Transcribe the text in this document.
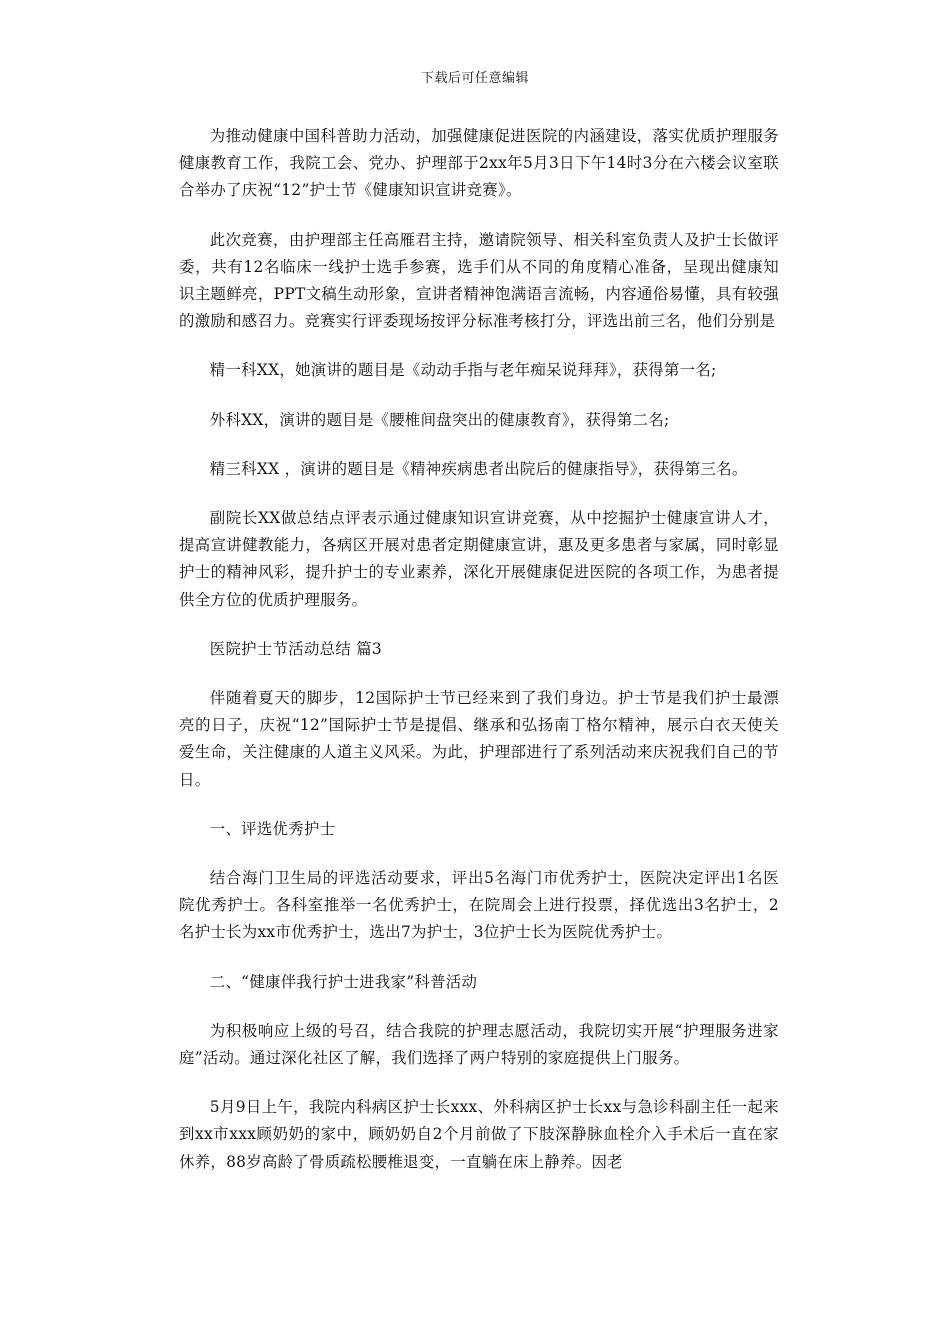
下载后可任意编辑

为推动健康中国科普助力活动，加强健康促进医院的内涵建设，落实优质护理服务健康教育工作，我院工会、党办、护理部于2xx年5月3日下午14时3分在六楼会议室联合举办了庆祝“12”护士节《健康知识宣讲竞赛》。

此次竞赛，由护理部主任高雁君主持，邀请院领导、相关科室负责人及护士长做评委，共有12名临床一线护士选手参赛，选手们从不同的角度精心准备，呈现出健康知识主题鲜亮，PPT文稿生动形象，宣讲者精神饱满语言流畅，内容通俗易懂，具有较强的激励和感召力。竞赛实行评委现场按评分标准考核打分，评选出前三名，他们分别是

精一科XX，她演讲的题目是《动动手指与老年痴呆说拜拜》，获得第一名;

外科XX，演讲的题目是《腰椎间盘突出的健康教育》，获得第二名;

精三科XX ，演讲的题目是《精神疾病患者出院后的健康指导》，获得第三名。

副院长XX做总结点评表示通过健康知识宣讲竞赛，从中挖掘护士健康宣讲人才，提高宣讲健教能力，各病区开展对患者定期健康宣讲，惠及更多患者与家属，同时彰显护士的精神风彩，提升护士的专业素养，深化开展健康促进医院的各项工作，为患者提供全方位的优质护理服务。

医院护士节活动总结 篇3

伴随着夏天的脚步，12国际护士节已经来到了我们身边。护士节是我们护士最漂亮的日子，庆祝“12”国际护士节是提倡、继承和弘扬南丁格尔精神，展示白衣天使关爱生命，关注健康的人道主义风采。为此，护理部进行了系列活动来庆祝我们自己的节日。

一、评选优秀护士

结合海门卫生局的评选活动要求，评出5名海门市优秀护士，医院决定评出1名医院优秀护士。各科室推举一名优秀护士，在院周会上进行投票，择优选出3名护士，2名护士长为xx市优秀护士，选出7为护士，3位护士长为医院优秀护士。

二、“健康伴我行护士进我家”科普活动

为积极响应上级的号召，结合我院的护理志愿活动，我院切实开展“护理服务进家庭”活动。通过深化社区了解，我们选择了两户特别的家庭提供上门服务。

5月9日上午，我院内科病区护士长xxx、外科病区护士长xx与急诊科副主任一起来到xx市xxx顾奶奶的家中，顾奶奶自2个月前做了下肢深静脉血栓介入手术后一直在家休养，88岁高龄了骨质疏松腰椎退变，一直躺在床上静养。因老
